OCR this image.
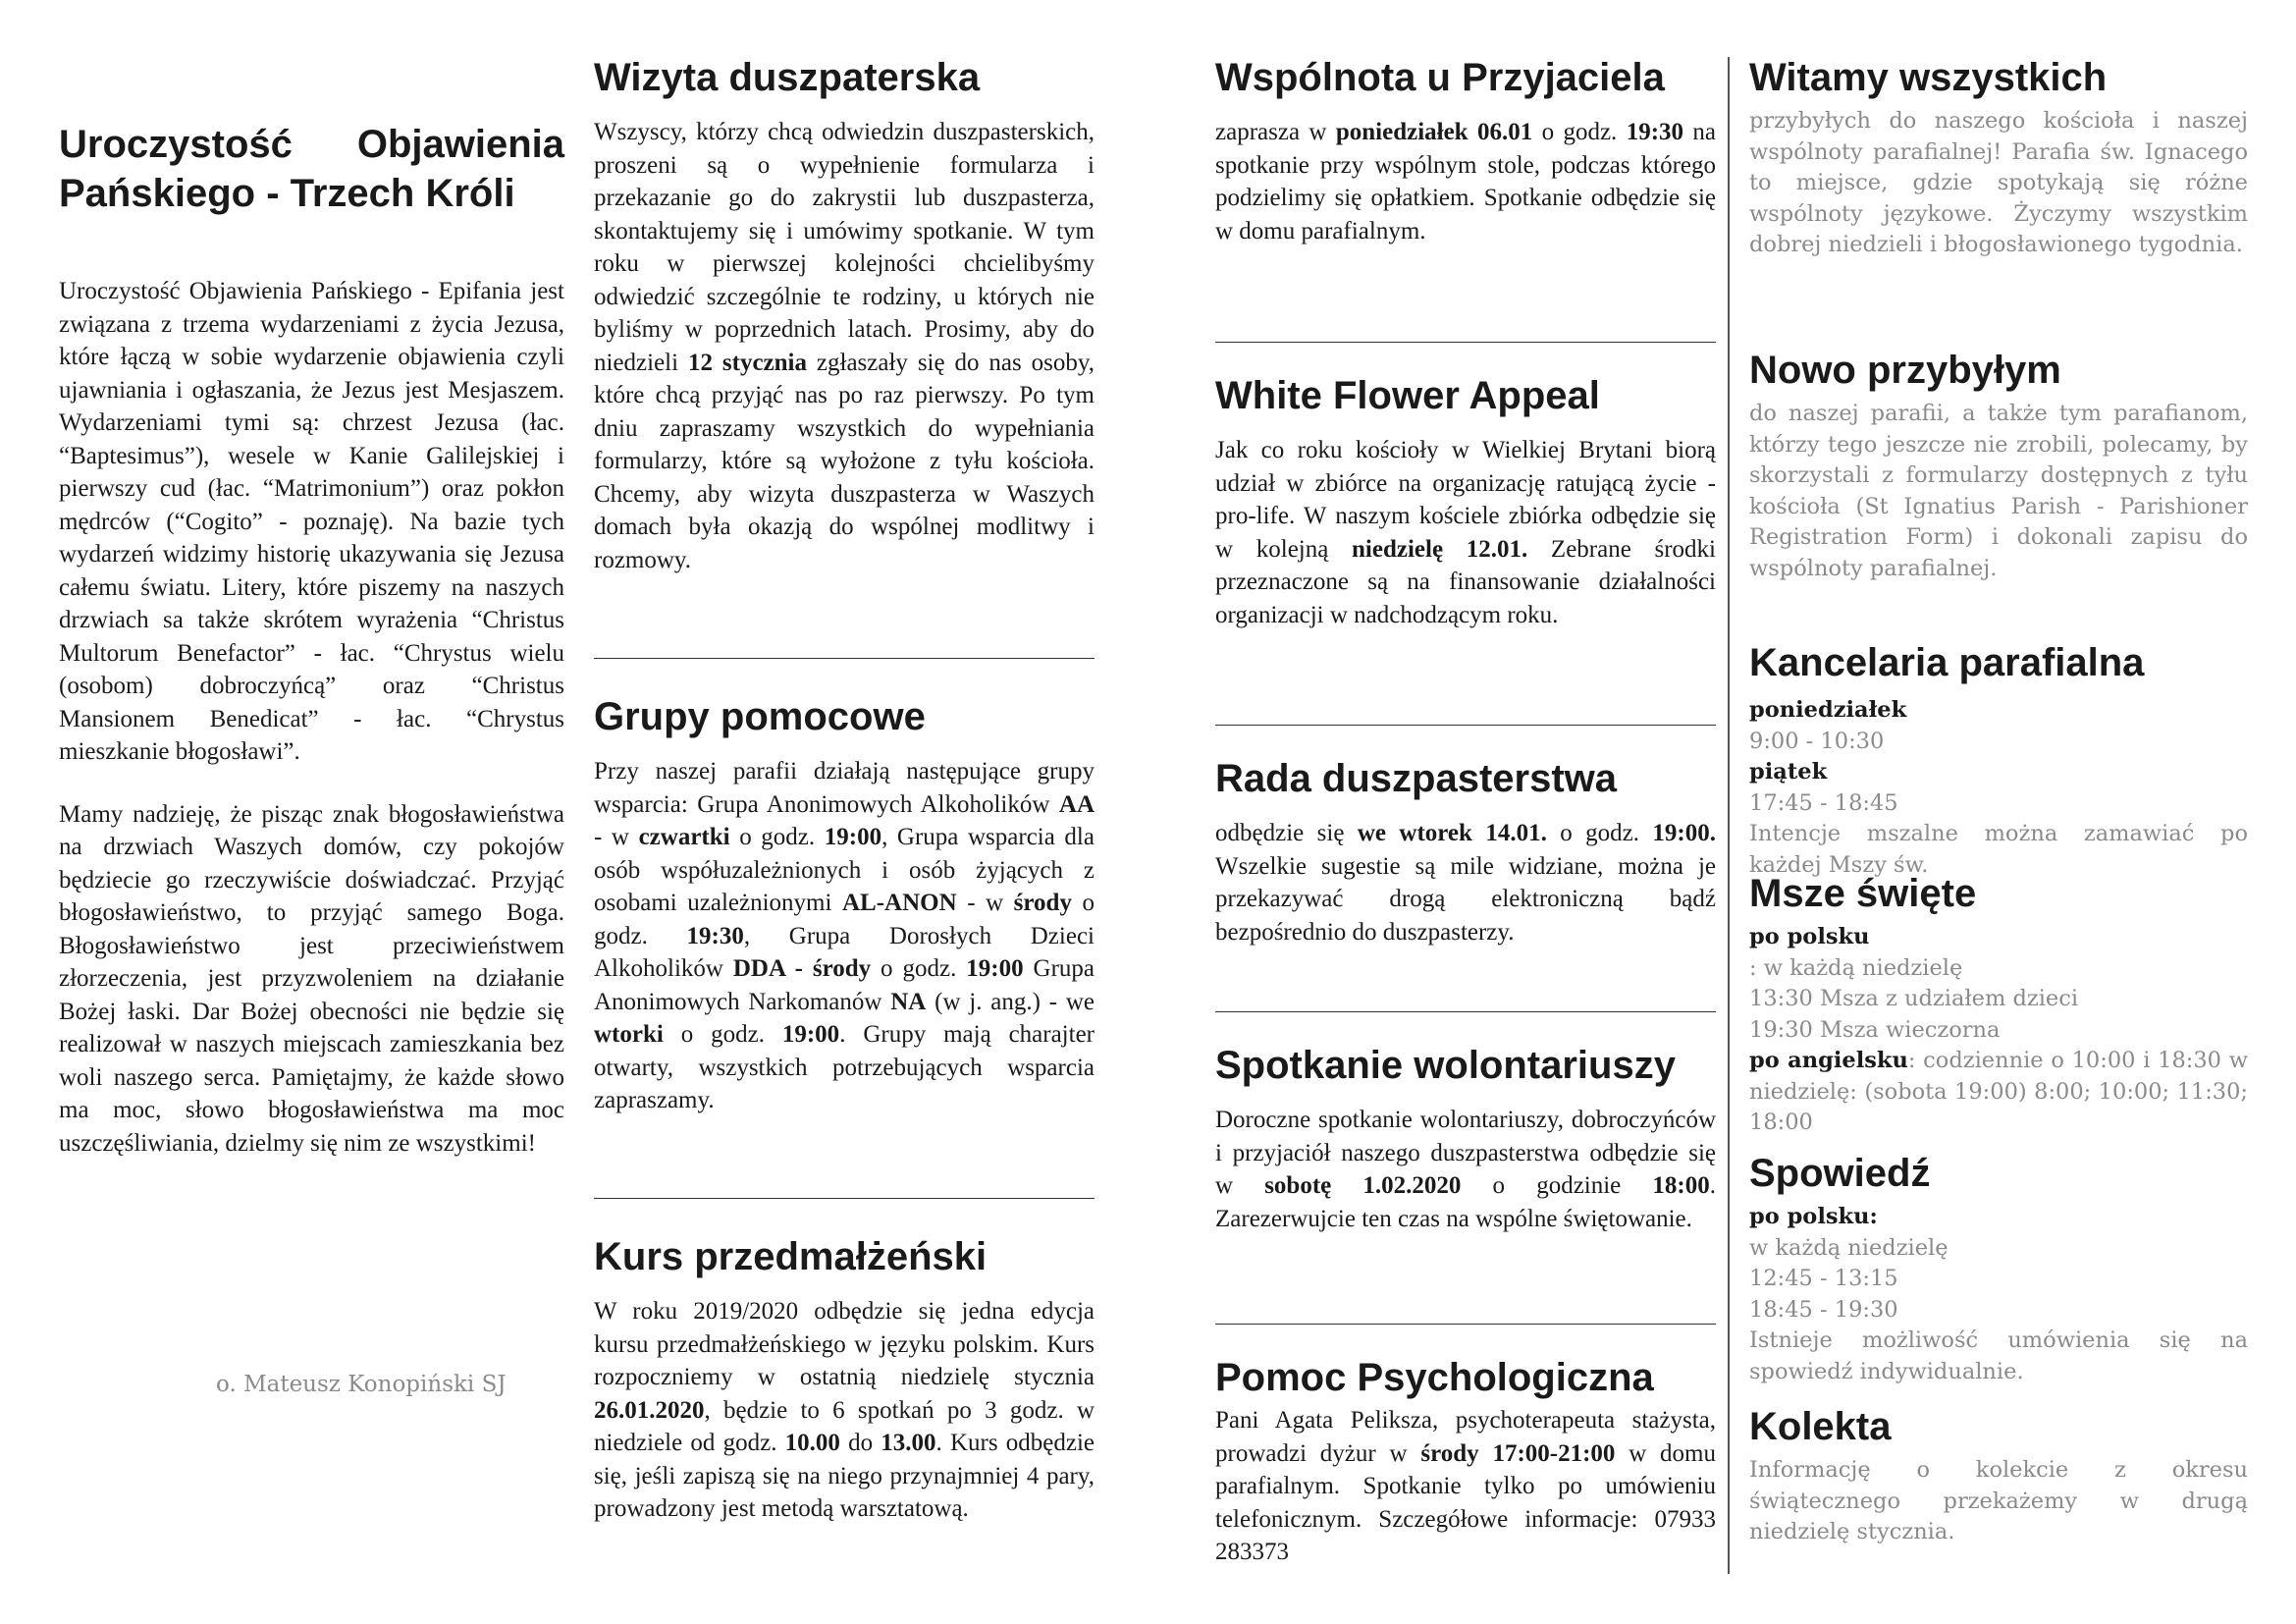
Uroczystość Objawienia Pańskiego - Trzech Króli

Uroczystość Objawienia Pańskiego - Epifania jest związana z trzema wydarzeniami z życia Jezusa, które łączą w sobie wydarzenie objawienia czyli ujawniania i ogłaszania, że Jezus jest Mesjaszem. Wydarzeniami tymi są: chrzest Jezusa (łac. “Baptesimus”), wesele w Kanie Galilejskiej i pierwszy cud (łac. “Matrimonium”) oraz pokłon mędrców (“Cogito” - poznaję). Na bazie tych wydarzeń widzimy historię ukazywania się Jezusa całemu światu. Litery, które piszemy na naszych drzwiach sa także skrótem wyrażenia “Christus Multorum Benefactor” - łac. “Chrystus wielu (osobom) dobroczyńcą” oraz “Christus Mansionem Benedicat” - łac. “Chrystus mieszkanie błogosławi”.

Mamy nadzieję, że pisząc znak błogosławieństwa na drzwiach Waszych domów, czy pokojów będziecie go rzeczywiście doświadczać. Przyjąć błogosławieństwo, to przyjąć samego Boga. Błogosławieństwo jest przeciwieństwem złorzeczenia, jest przyzwoleniem na działanie Bożej łaski. Dar Bożej obecności nie będzie się realizował w naszych miejscach zamieszkania bez woli naszego serca. Pamiętajmy, że każde słowo ma moc, słowo błogosławieństwa ma moc uszczęśliwiania, dzielmy się nim ze wszystkimi!

o. Mateusz Konopiński SJ
Wizyta duszpaterska

Wszyscy, którzy chcą odwiedzin duszpasterskich, proszeni są o wypełnienie formularza i przekazanie go do zakrystii lub duszpasterza, skontaktujemy się i umówimy spotkanie. W tym roku w pierwszej kolejności chcielibyśmy odwiedzić szczególnie te rodziny, u których nie byliśmy w poprzednich latach. Prosimy, aby do niedzieli 12 stycznia zgłaszały się do nas osoby, które chcą przyjąć nas po raz pierwszy. Po tym dniu zapraszamy wszystkich do wypełniania formularzy, które są wyłożone z tyłu kościoła. Chcemy, aby wizyta duszpasterza w Waszych domach była okazją do wspólnej modlitwy i rozmowy.

Grupy pomocowe

Przy naszej parafii działają następujące grupy wsparcia: Grupa Anonimowych Alkoholików AA - w czwartki o godz. 19:00, Grupa wsparcia dla osób współuzależnionych i osób żyjących z osobami uzależnionymi AL-ANON - w środy o godz. 19:30, Grupa Dorosłych Dzieci Alkoholików DDA - środy o godz. 19:00 Grupa Anonimowych Narkomanów NA (w j. ang.) - we wtorki o godz. 19:00. Grupy mają charajter otwarty, wszystkich potrzebujących wsparcia zapraszamy.

Kurs przedmałżeński

W roku 2019/2020 odbędzie się jedna edycja kursu przedmałżeńskiego w języku polskim. Kurs rozpoczniemy w ostatnią niedzielę stycznia 26.01.2020, będzie to 6 spotkań po 3 godz. w niedziele od godz. 10.00 do 13.00. Kurs odbędzie się, jeśli zapiszą się na niego przynajmniej 4 pary, prowadzony jest metodą warsztatową.

Wspólnota u Przyjaciela

zaprasza w poniedziałek 06.01 o godz. 19:30 na spotkanie przy wspólnym stole, podczas którego podzielimy się opłatkiem. Spotkanie odbędzie się w domu parafialnym.

White Flower Appeal

Jak co roku kościoły w Wielkiej Brytani biorą udział w zbiórce na organizację ratującą życie - pro-life. W naszym kościele zbiórka odbędzie się w kolejną niedzielę 12.01. Zebrane środki przeznaczone są na finansowanie działalności organizacji w nadchodzącym roku.

Rada duszpasterstwa

odbędzie się we wtorek 14.01. o godz. 19:00. Wszelkie sugestie są mile widziane, można je przekazywać drogą elektroniczną bądź bezpośrednio do duszpasterzy.

Spotkanie wolontariuszy

Doroczne spotkanie wolontariuszy, dobroczyńców i przyjaciół naszego duszpasterstwa odbędzie się w sobotę 1.02.2020 o godzinie 18:00. Zarezerwujcie ten czas na wspólne świętowanie.

Pomoc Psychologiczna

Pani Agata Peliksza, psychoterapeuta stażysta, prowadzi dyżur w środy 17:00-21:00 w domu parafialnym. Spotkanie tylko po umówieniu telefonicznym. Szczegółowe informacje: 07933 283373

Witamy wszystkich

przybyłych do naszego kościoła i naszej wspólnoty parafialnej! Parafia św. Ignacego to miejsce, gdzie spotykają się różne wspólnoty językowe. Życzymy wszystkim dobrej niedzieli i błogosławionego tygodnia.

Nowo przybyłym

do naszej parafii, a także tym parafianom, którzy tego jeszcze nie zrobili, polecamy, by skorzystali z formularzy dostępnych z tyłu kościoła (St Ignatius Parish - Parishioner Registration Form) i dokonali zapisu do wspólnoty parafialnej.

Kancelaria parafialna

poniedziałek
9:00 - 10:30
piątek
17:45 - 18:45

Intencje mszalne można zamawiać po każdej Mszy św.

Msze święte

po polsku
: w każdą niedzielę
13:30 Msza z udziałem dzieci
19:30 Msza wieczorna

po angielsku: codziennie o 10:00 i 18:30 w niedzielę: (sobota 19:00) 8:00; 10:00; 11:30; 18:00

Spowiedź

po polsku:
w każdą niedzielę
12:45 - 13:15
18:45 - 19:30

Istnieje możliwość umówienia się na spowiedź indywidualnie.

Kolekta

Informację o kolekcie z okresu świątecznego przekażemy w drugą niedzielę stycznia.
